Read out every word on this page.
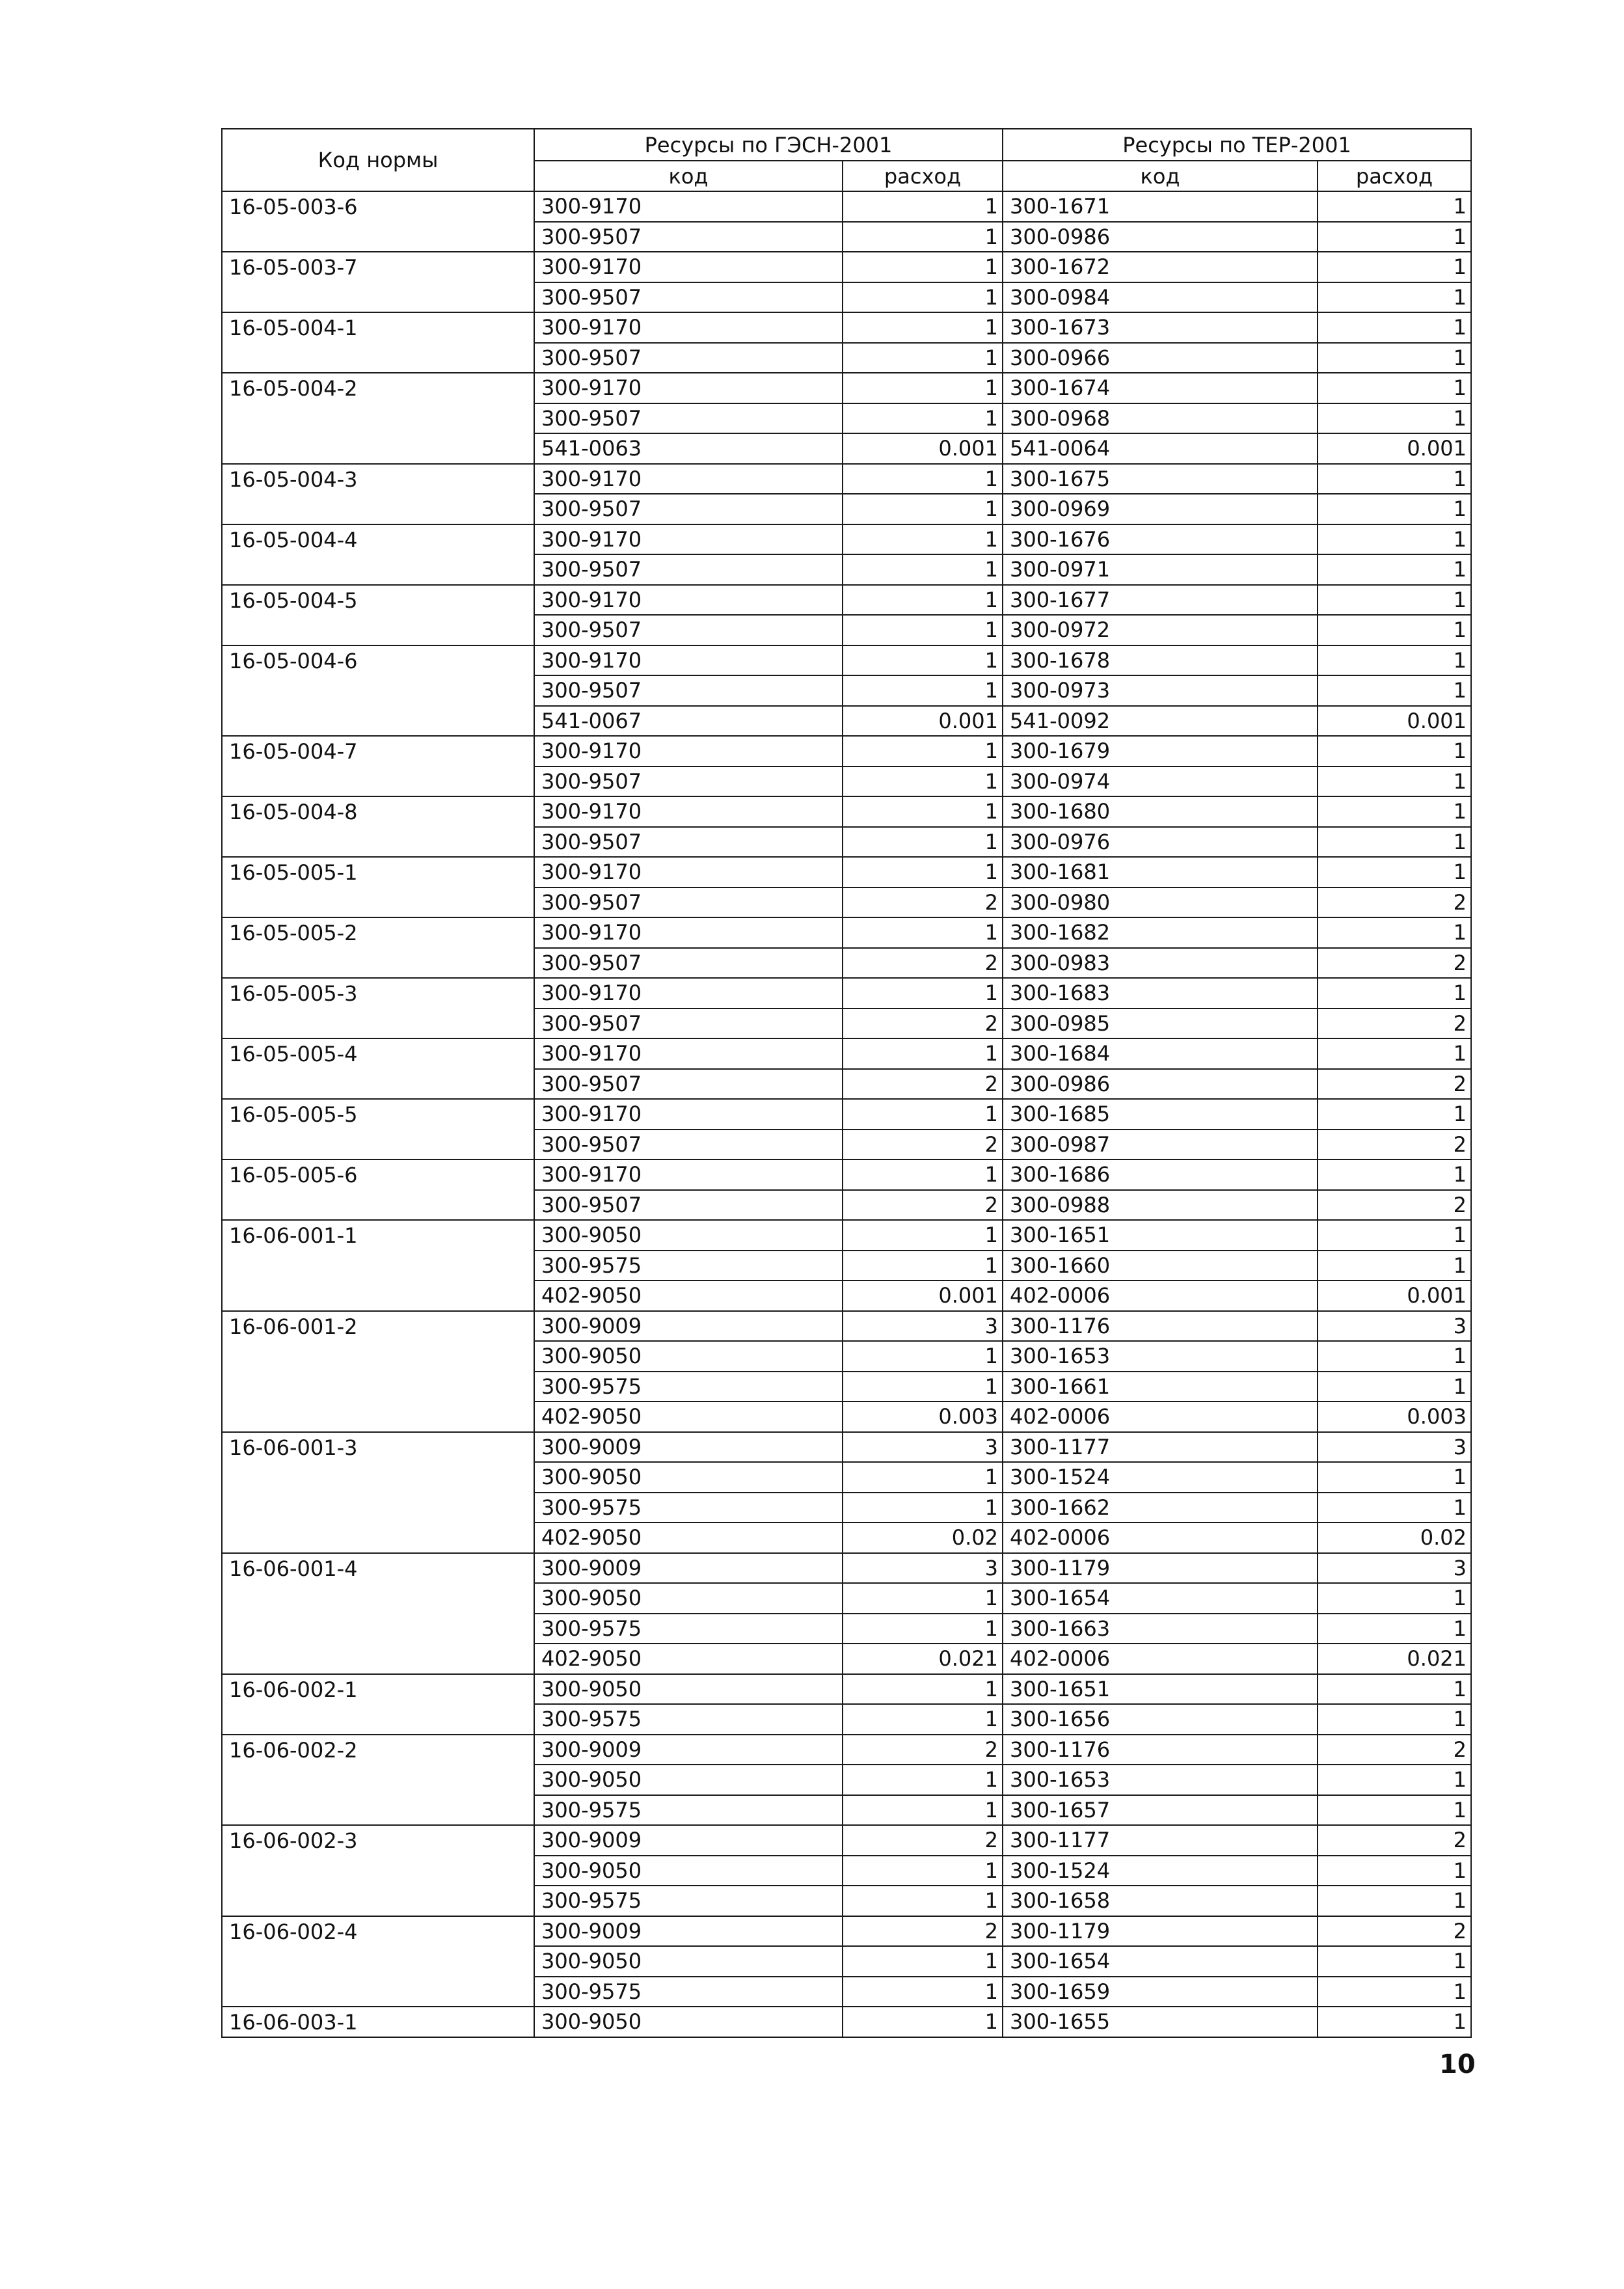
Код нормы	Ресурсы по ГЭСН-2001		Ресурсы по ТЕР-2001	
	код	расход	код	расход
16-05-003-6	300-9170	1	300-1671	1
	300-9507	1	300-0986	1
16-05-003-7	300-9170	1	300-1672	1
	300-9507	1	300-0984	1
16-05-004-1	300-9170	1	300-1673	1
	300-9507	1	300-0966	1
16-05-004-2	300-9170	1	300-1674	1
	300-9507	1	300-0968	1
	541-0063	0.001	541-0064	0.001
16-05-004-3	300-9170	1	300-1675	1
	300-9507	1	300-0969	1
16-05-004-4	300-9170	1	300-1676	1
	300-9507	1	300-0971	1
16-05-004-5	300-9170	1	300-1677	1
	300-9507	1	300-0972	1
16-05-004-6	300-9170	1	300-1678	1
	300-9507	1	300-0973	1
	541-0067	0.001	541-0092	0.001
16-05-004-7	300-9170	1	300-1679	1
	300-9507	1	300-0974	1
16-05-004-8	300-9170	1	300-1680	1
	300-9507	1	300-0976	1
16-05-005-1	300-9170	1	300-1681	1
	300-9507	2	300-0980	2
16-05-005-2	300-9170	1	300-1682	1
	300-9507	2	300-0983	2
16-05-005-3	300-9170	1	300-1683	1
	300-9507	2	300-0985	2
16-05-005-4	300-9170	1	300-1684	1
	300-9507	2	300-0986	2
16-05-005-5	300-9170	1	300-1685	1
	300-9507	2	300-0987	2
16-05-005-6	300-9170	1	300-1686	1
	300-9507	2	300-0988	2
16-06-001-1	300-9050	1	300-1651	1
	300-9575	1	300-1660	1
	402-9050	0.001	402-0006	0.001
16-06-001-2	300-9009	3	300-1176	3
	300-9050	1	300-1653	1
	300-9575	1	300-1661	1
	402-9050	0.003	402-0006	0.003
16-06-001-3	300-9009	3	300-1177	3
	300-9050	1	300-1524	1
	300-9575	1	300-1662	1
	402-9050	0.02	402-0006	0.02
16-06-001-4	300-9009	3	300-1179	3
	300-9050	1	300-1654	1
	300-9575	1	300-1663	1
	402-9050	0.021	402-0006	0.021
16-06-002-1	300-9050	1	300-1651	1
	300-9575	1	300-1656	1
16-06-002-2	300-9009	2	300-1176	2
	300-9050	1	300-1653	1
	300-9575	1	300-1657	1
16-06-002-3	300-9009	2	300-1177	2
	300-9050	1	300-1524	1
	300-9575	1	300-1658	1
16-06-002-4	300-9009	2	300-1179	2
	300-9050	1	300-1654	1
	300-9575	1	300-1659	1
16-06-003-1	300-9050	1	300-1655	1
10
